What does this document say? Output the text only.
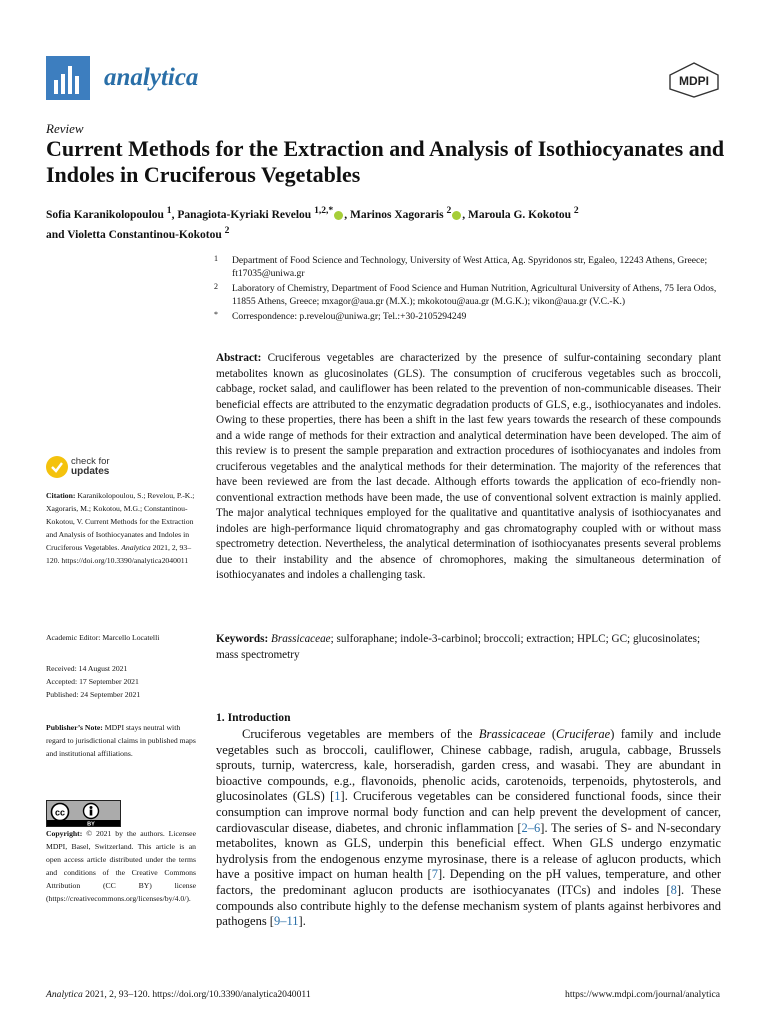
analytica	MDPI
Review
Current Methods for the Extraction and Analysis of Isothiocyanates and Indoles in Cruciferous Vegetables
Sofia Karanikolopoulou $^1$, Panagiota-Kyriaki Revelou $^{1,2,*}$ , Marinos Xagoraris $^2$ , Maroula G. Kokotou $^2$
and Violetta Constantinou-Kokotou $^2$
1 Department of Food Science and Technology, University of West Attica, Ag. Spyridonos str, Egaleo, 12243 Athens, Greece; ft17035@uniwa.gr
2 Laboratory of Chemistry, Department of Food Science and Human Nutrition, Agricultural University of Athens, 75 Iera Odos, 11855 Athens, Greece; mxagor@aua.gr (M.X.); mkokotou@aua.gr (M.G.K.); vikon@aua.gr (V.C.-K.)
* Correspondence: p.revelou@uniwa.gr; Tel.:+30-2105294249
Abstract: Cruciferous vegetables are characterized by the presence of sulfur-containing secondary plant metabolites known as glucosinolates (GLS). The consumption of cruciferous vegetables such as broccoli, cabbage, rocket salad, and cauliflower has been related to the prevention of non-communicable diseases. Their beneficial effects are attributed to the enzymatic degradation products of GLS, e.g., isothiocyanates and indoles. Owing to these properties, there has been a shift in the last few years towards the research of these compounds and a wide range of methods for their extraction and analytical determination have been developed. The aim of this review is to present the sample preparation and extraction procedures of isothiocyanates and indoles from cruciferous vegetables and the analytical methods for their determination. The majority of the references that have been reviewed are from the last decade. Although efforts towards the application of eco-friendly non-conventional extraction methods have been made, the use of conventional solvent extraction is mainly applied. The major analytical techniques employed for the qualitative and quantitative analysis of isothiocyanates and indoles are high-performance liquid chromatography and gas chromatography coupled with or without mass spectrometry detection. Nevertheless, the analytical determination of isothiocyanates presents several problems due to their instability and the absence of chromophores, making the simultaneous determination of isothiocyanates and indoles a challenging task.
Keywords: Brassicaceae; sulforaphane; indole-3-carbinol; broccoli; extraction; HPLC; GC; glucosinolates; mass spectrometry
check for
updates
Citation: Karanikolopoulou, S.; Revelou, P.-K.; Xagoraris, M.; Kokotou, M.G.; Constantinou-Kokotou, V. Current Methods for the Extraction and Analysis of Isothiocyanates and Indoles in Cruciferous Vegetables. Analytica 2021, 2, 93–120. https://doi.org/10.3390/analytica2040011
Academic Editor: Marcello Locatelli
Received: 14 August 2021
Accepted: 17 September 2021
Published: 24 September 2021
Publisher’s Note: MDPI stays neutral with regard to jurisdictional claims in published maps and institutional affiliations.
cc
BY
Copyright: © 2021 by the authors. Licensee MDPI, Basel, Switzerland. This article is an open access article distributed under the terms and conditions of the Creative Commons Attribution (CC BY) license (https://creativecommons.org/licenses/by/4.0/).
1. Introduction
Cruciferous vegetables are members of the Brassicaceae (Cruciferae) family and include vegetables such as broccoli, cauliflower, Chinese cabbage, radish, arugula, cabbage, Brussels sprouts, turnip, watercress, kale, horseradish, garden cress, and wasabi. They are abundant in bioactive compounds, e.g., flavonoids, phenolic acids, carotenoids, terpenoids, phytosterols, and glucosinolates (GLS) [1]. Cruciferous vegetables can be considered functional foods, since their consumption can improve normal body function and can help prevent the development of cancer, cardiovascular disease, diabetes, and chronic inflammation [2–6]. The series of S- and N-secondary metabolites, known as GLS, underpin this beneficial effect. When GLS undergo enzymatic hydrolysis from the endogenous enzyme myrosinase, there is a release of aglucon products, which have a positive impact on human health [7]. Depending on the pH values, temperature, and other factors, the predominant aglucon products are isothiocyanates (ITCs) and indoles [8]. These compounds also contribute highly to the defense mechanism system of plants against herbivores and pathogens [9–11].
Analytica 2021, 2, 93–120. https://doi.org/10.3390/analytica2040011	https://www.mdpi.com/journal/analytica
